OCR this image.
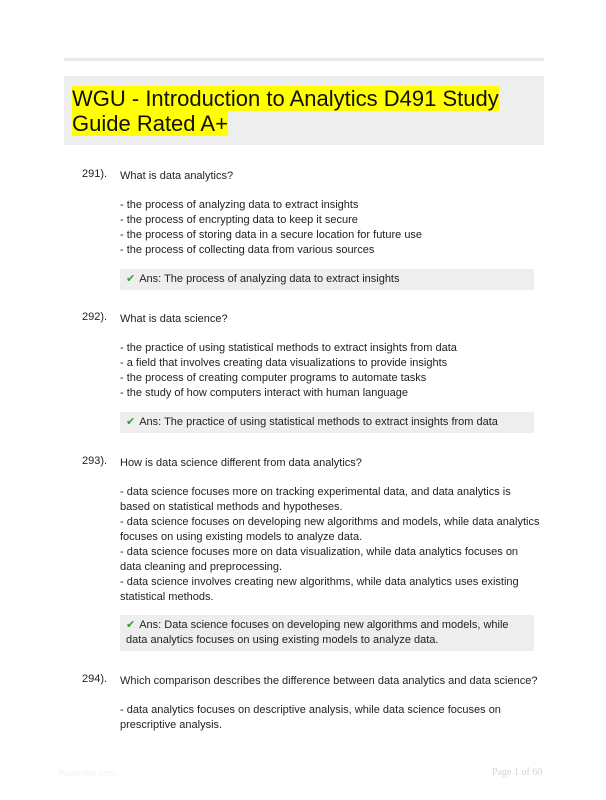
WGU - Introduction to Analytics D491 Study Guide Rated A+
291). What is data analytics?
- the process of analyzing data to extract insights
- the process of encrypting data to keep it secure
- the process of storing data in a secure location for future use
- the process of collecting data from various sources
✔ Ans: The process of analyzing data to extract insights
292). What is data science?
- the practice of using statistical methods to extract insights from data
- a field that involves creating data visualizations to provide insights
- the process of creating computer programs to automate tasks
- the study of how computers interact with human language
✔ Ans: The practice of using statistical methods to extract insights from data
293). How is data science different from data analytics?
- data science focuses more on tracking experimental data, and data analytics is based on statistical methods and hypotheses.
- data science focuses on developing new algorithms and models, while data analytics focuses on using existing models to analyze data.
- data science focuses more on data visualization, while data analytics focuses on data cleaning and preprocessing.
- data science involves creating new algorithms, while data analytics uses existing statistical methods.
✔ Ans: Data science focuses on developing new algorithms and models, while data analytics focuses on using existing models to analyze data.
294). Which comparison describes the difference between data analytics and data science?
- data analytics focuses on descriptive analysis, while data science focuses on prescriptive analysis.
Paperlibe.com	Page 1 of 60
